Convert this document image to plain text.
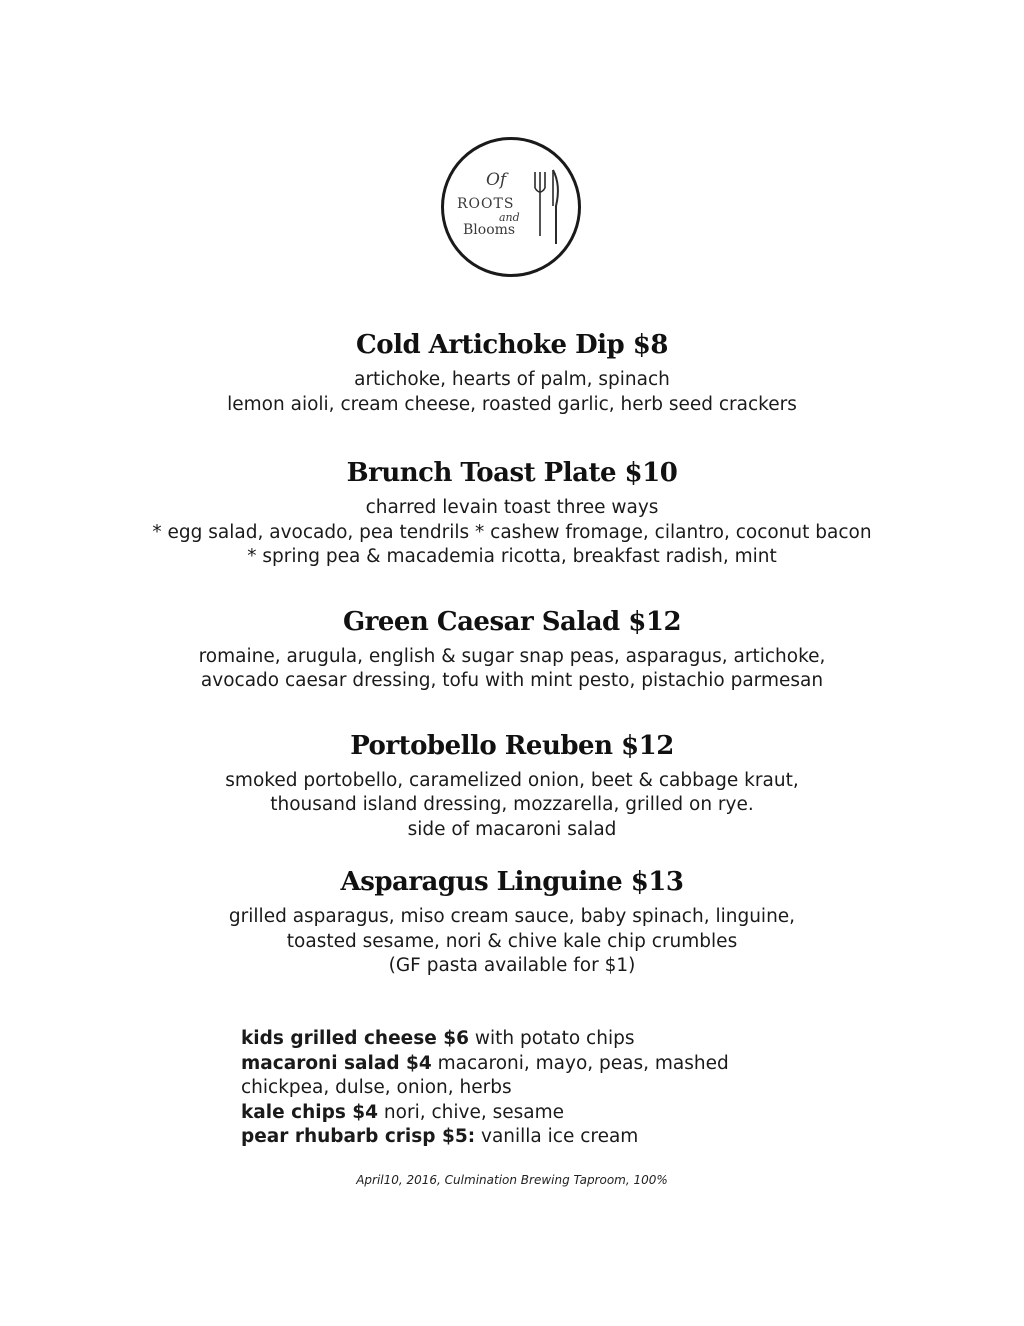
Of
ROOTS
and
Blooms

Cold Artichoke Dip $8

artichoke, hearts of palm, spinach

lemon aioli, cream cheese, roasted garlic, herb seed crackers

Brunch Toast Plate $10

charred levain toast three ways

* egg salad, avocado, pea tendrils * cashew fromage, cilantro, coconut bacon

* spring pea & macademia ricotta, breakfast radish, mint

Green Caesar Salad $12

romaine, arugula, english & sugar snap peas, asparagus, artichoke,

avocado caesar dressing, tofu with mint pesto, pistachio parmesan

Portobello Reuben $12

smoked portobello, caramelized onion, beet & cabbage kraut,

thousand island dressing, mozzarella, grilled on rye.

side of macaroni salad

Asparagus Linguine $13

grilled asparagus, miso cream sauce, baby spinach, linguine,

toasted sesame, nori & chive kale chip crumbles

(GF pasta available for $1)

kids grilled cheese $6 with potato chips

macaroni salad $4 macaroni, mayo, peas, mashed

chickpea, dulse, onion, herbs

kale chips $4 nori, chive, sesame

pear rhubarb crisp $5: vanilla ice cream

April10, 2016, Culmination Brewing Taproom, 100%
